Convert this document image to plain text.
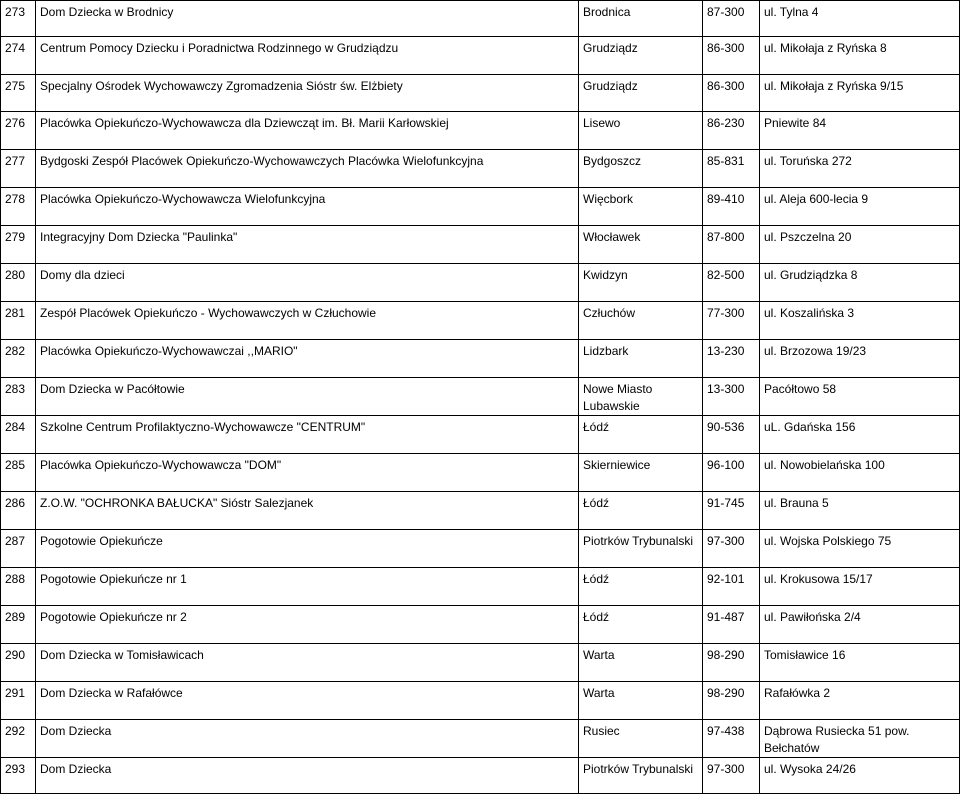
273	Dom Dziecka w Brodnicy	Brodnica	87-300	ul. Tylna 4
274	Centrum Pomocy Dziecku i Poradnictwa Rodzinnego w Grudziądzu	Grudziądz	86-300	ul. Mikołaja z Ryńska 8
275	Specjalny Ośrodek Wychowawczy Zgromadzenia Sióstr św. Elżbiety	Grudziądz	86-300	ul. Mikołaja z Ryńska 9/15
276	Placówka Opiekuńczo-Wychowawcza dla Dziewcząt im. Bł. Marii Karłowskiej	Lisewo	86-230	Pniewite 84
277	Bydgoski Zespół Placówek Opiekuńczo-Wychowawczych Placówka Wielofunkcyjna	Bydgoszcz	85-831	ul. Toruńska 272
278	Placówka Opiekuńczo-Wychowawcza Wielofunkcyjna	Więcbork	89-410	ul. Aleja 600-lecia 9
279	Integracyjny Dom Dziecka "Paulinka"	Włocławek	87-800	ul. Pszczelna 20
280	Domy dla dzieci	Kwidzyn	82-500	ul. Grudziądzka 8
281	Zespół Placówek Opiekuńczo - Wychowawczych w Człuchowie	Człuchów	77-300	ul. Koszalińska 3
282	Placówka Opiekuńczo-Wychowawczai ,,MARIO"	Lidzbark	13-230	ul. Brzozowa 19/23
283	Dom Dziecka w Pacółtowie	Nowe Miasto Lubawskie	13-300	Pacółtowo 58
284	Szkolne Centrum Profilaktyczno-Wychowawcze "CENTRUM"	Łódź	90-536	uL. Gdańska 156
285	Placówka Opiekuńczo-Wychowawcza "DOM"	Skierniewice	96-100	ul. Nowobielańska 100
286	Z.O.W. "OCHRONKA BAŁUCKA" Sióstr Salezjanek	Łódź	91-745	ul. Brauna 5
287	Pogotowie Opiekuńcze	Piotrków Trybunalski	97-300	ul. Wojska Polskiego 75
288	Pogotowie Opiekuńcze nr 1	Łódź	92-101	ul. Krokusowa 15/17
289	Pogotowie Opiekuńcze nr 2	Łódź	91-487	ul. Pawiłońska 2/4
290	Dom Dziecka w Tomisławicach	Warta	98-290	Tomisławice 16
291	Dom Dziecka w Rafałówce	Warta	98-290	Rafałówka 2
292	Dom Dziecka	Rusiec	97-438	Dąbrowa Rusiecka 51 pow. Bełchatów
293	Dom Dziecka	Piotrków Trybunalski	97-300	ul. Wysoka 24/26
